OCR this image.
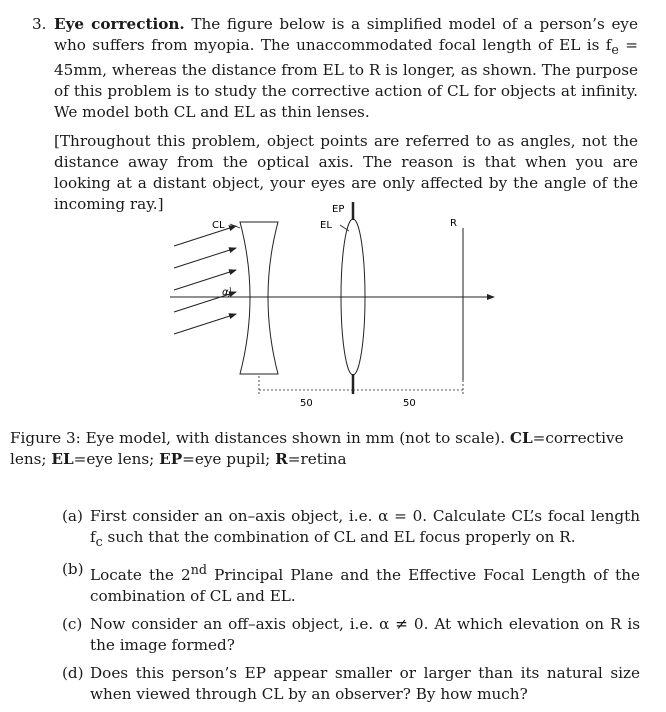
3. Eye correction. The figure below is a simplified model of a person’s eye who suffers from myopia. The unaccommodated focal length of EL is $f_e = 45mm$, whereas the distance from EL to R is longer, as shown. The purpose of this problem is to study the corrective action of CL for objects at infinity. We model both CL and EL as thin lenses.
[Throughout this problem, object points are referred to as angles, not the distance away from the optical axis. The reason is that when you are looking at a distant object, your eyes are only affected by the angle of the incoming ray.]
α
CL
EP
EL	R
50	50
Figure 3: Eye model, with distances shown in mm (not to scale). CL=corrective lens; EL=eye lens; EP=eye pupil; R=retina
(a) First consider an on–axis object, i.e. α = 0. Calculate CL’s focal length $f_c$ such that the combination of CL and EL focus properly on R.
(b) Locate the 2nd Principal Plane and the Effective Focal Length of the combination of CL and EL.
(c) Now consider an off–axis object, i.e. α ≠ 0. At which elevation on R is the image formed?
(d) Does this person’s EP appear smaller or larger than its natural size when viewed through CL by an observer? By how much?
